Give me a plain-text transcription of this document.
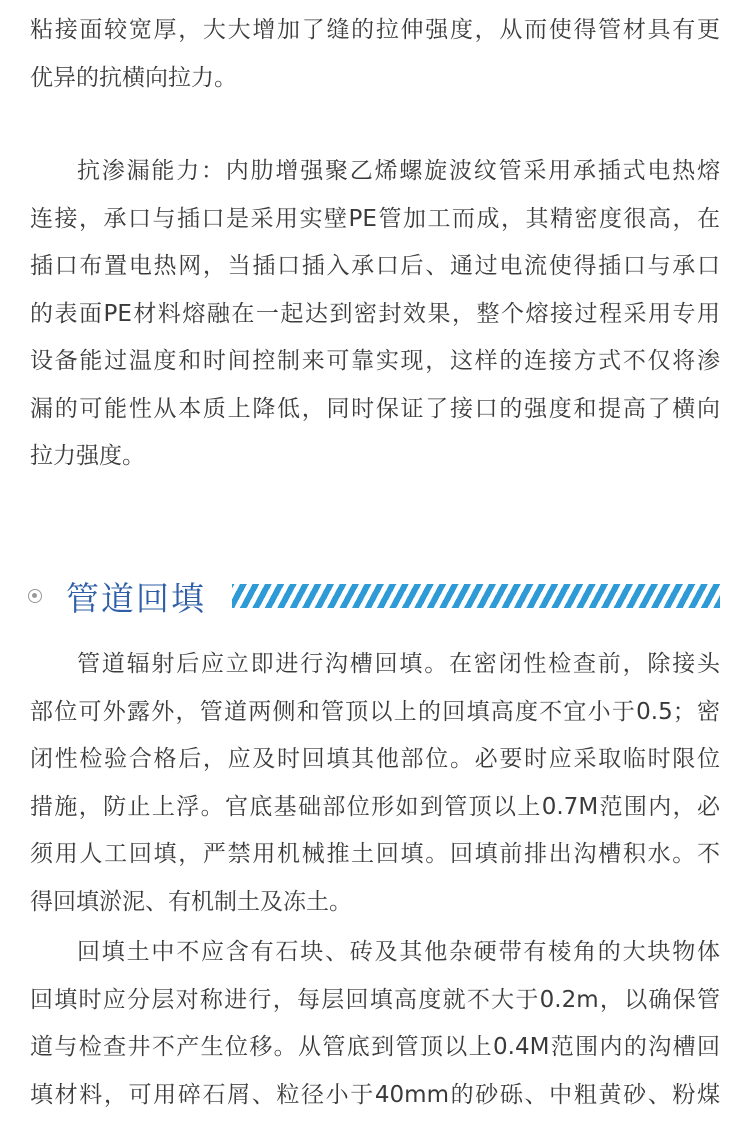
粘接面较宽厚，大大增加了缝的拉伸强度，从而使得管材具有更
优异的抗横向拉力。
抗渗漏能力：内肋增强聚乙烯螺旋波纹管采用承插式电热熔
连接，承口与插口是采用实壁PE管加工而成，其精密度很高，在
插口布置电热网，当插口插入承口后、通过电流使得插口与承口
的表面PE材料熔融在一起达到密封效果，整个熔接过程采用专用
设备能过温度和时间控制来可靠实现，这样的连接方式不仅将渗
漏的可能性从本质上降低，同时保证了接口的强度和提高了横向
拉力强度。
管道回填
管道辐射后应立即进行沟槽回填。在密闭性检查前，除接头
部位可外露外，管道两侧和管顶以上的回填高度不宜小于0.5；密
闭性检验合格后，应及时回填其他部位。必要时应采取临时限位
措施，防止上浮。官底基础部位形如到管顶以上0.7M范围内，必
须用人工回填，严禁用机械推土回填。回填前排出沟槽积水。不
得回填淤泥、有机制土及冻土。
回填土中不应含有石块、砖及其他杂硬带有棱角的大块物体
回填时应分层对称进行，每层回填高度就不大于0.2m，以确保管
道与检查井不产生位移。从管底到管顶以上0.4M范围内的沟槽回
填材料，可用碎石屑、粒径小于40mm的砂砾、中粗黄砂、粉煤
